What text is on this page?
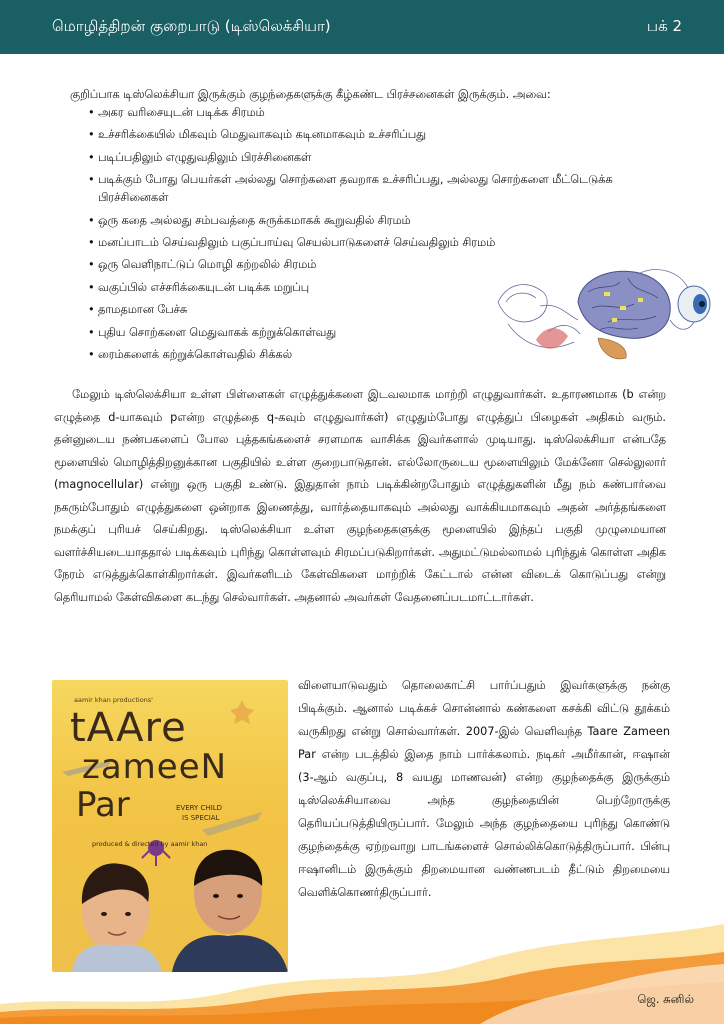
மொழித்திறன் குறைபாடு (டிஸ்லெக்சியா)	பக் 2
குறிப்பாக டிஸ்லெக்சியா இருக்கும் குழந்தைகளுக்கு கீழ்கண்ட பிரச்சனைகள் இருக்கும். அவை:
• அகர வரிசையுடன் படிக்க சிரமம்
• உச்சரிக்கையில் மிகவும் மெதுவாகவும் கடினமாகவும் உச்சரிப்பது
• படிப்பதிலும் எழுதுவதிலும் பிரச்சினைகள்
• படிக்கும் போது பெயர்கள் அல்லது சொற்களை தவறாக உச்சரிப்பது, அல்லது சொற்களை மீட்டெடுக்க பிரச்சினைகள்
• ஒரு கதை அல்லது சம்பவத்தை சுருக்கமாகக் கூறுவதில் சிரமம்
• மனப்பாடம் செய்வதிலும் பகுப்பாய்வு செயல்பாடுகளைச் செய்வதிலும் சிரமம்
• ஒரு வெளிநாட்டுப் மொழி கற்றலில் சிரமம்
• வகுப்பில் எச்சரிக்கையுடன் படிக்க மறுப்பு
• தாமதமான பேச்சு
• புதிய சொற்களை மெதுவாகக் கற்றுக்கொள்வது
• ரைம்களைக் கற்றுக்கொள்வதில் சிக்கல்
மேலும் டிஸ்லெக்சியா உள்ள பிள்ளைகள் எழுத்துக்களை இடவலமாக மாற்றி எழுதுவார்கள். உதாரணமாக (b என்ற எழுத்தை d-யாகவும் pஎன்ற எழுத்தை q-கவும் எழுதுவார்கள்) எழுதும்போது எழுத்துப் பிழைகள் அதிகம் வரும். தன்னுடைய நண்பகளைப் போல புத்தகங்களைச் சரளமாக வாசிக்க இவர்களால் முடியாது. டிஸ்லெக்சியா என்பதே மூளையில் மொழித்திறனுக்கான பகுதியில் உள்ள குறைபாடுதான். எல்லோருடைய மூளையிலும் மேக்னோ செல்லுலார் (magnocellular) என்று ஒரு பகுதி உண்டு. இதுதான் நாம் படிக்கின்றபோதும் எழுத்துகளின் மீது நம் கண்பார்வை நகரும்போதும் எழுத்துகளை ஒன்றாக இணைத்து, வார்த்தையாகவும் அல்லது வாக்கியமாகவும் அதன் அர்த்தங்களை நமக்குப் புரியச் செய்கிறது. டிஸ்லெக்சியா உள்ள குழந்தைகளுக்கு மூளையில் இந்தப் பகுதி முழுமையான வளர்ச்சியடையாததால் படிக்கவும் புரிந்து கொள்ளவும் சிரமப்படுகிறார்கள். அதுமட்டுமல்லாமல் புரிந்துக் கொள்ள அதிக நேரம் எடுத்துக்கொள்கிறார்கள். இவர்களிடம் கேள்விகளை மாற்றிக் கேட்டால் என்ன விடைக் கொடுப்பது என்று தெரியாமல் கேள்விகளை கடந்து செல்வார்கள். அதனால் அவர்கள் வேதனைப்படமாட்டார்கள்.
aamir khan productions'
tAAre
zameeN
Par	EVERY CHILD
IS SPECIAL
produced & directed by aamir khan
விளையாடுவதும் தொலைகாட்சி பார்ப்பதும் இவர்களுக்கு நன்கு பிடிக்கும். ஆனால் படிக்கச் சொன்னால் கண்களை கசக்கி விட்டு தூக்கம் வருகிறது என்று சொல்வார்கள். 2007-இல் வெளிவந்த Taare Zameen Par என்ற படத்தில் இதை நாம் பார்க்கலாம். நடிகர் அமீர்கான், ஈஷான் (3-ஆம் வகுப்பு, 8 வயது மாணவன்) என்ற குழந்தைக்கு இருக்கும் டிஸ்லெக்சியாவை அந்த குழந்தையின் பெற்றோருக்கு தெரியப்படுத்தியிருப்பார். மேலும் அந்த குழந்தையை புரிந்து கொண்டு குழந்தைக்கு ஏற்றவாறு பாடங்களைச் சொல்லிக்கொடுத்திருப்பார். பின்பு ஈஷானிடம் இருக்கும் திறமையான வண்ணபடம் தீட்டும் திறமையை வெளிக்கொணர்திருப்பார்.
ஜெ. சுனில்
